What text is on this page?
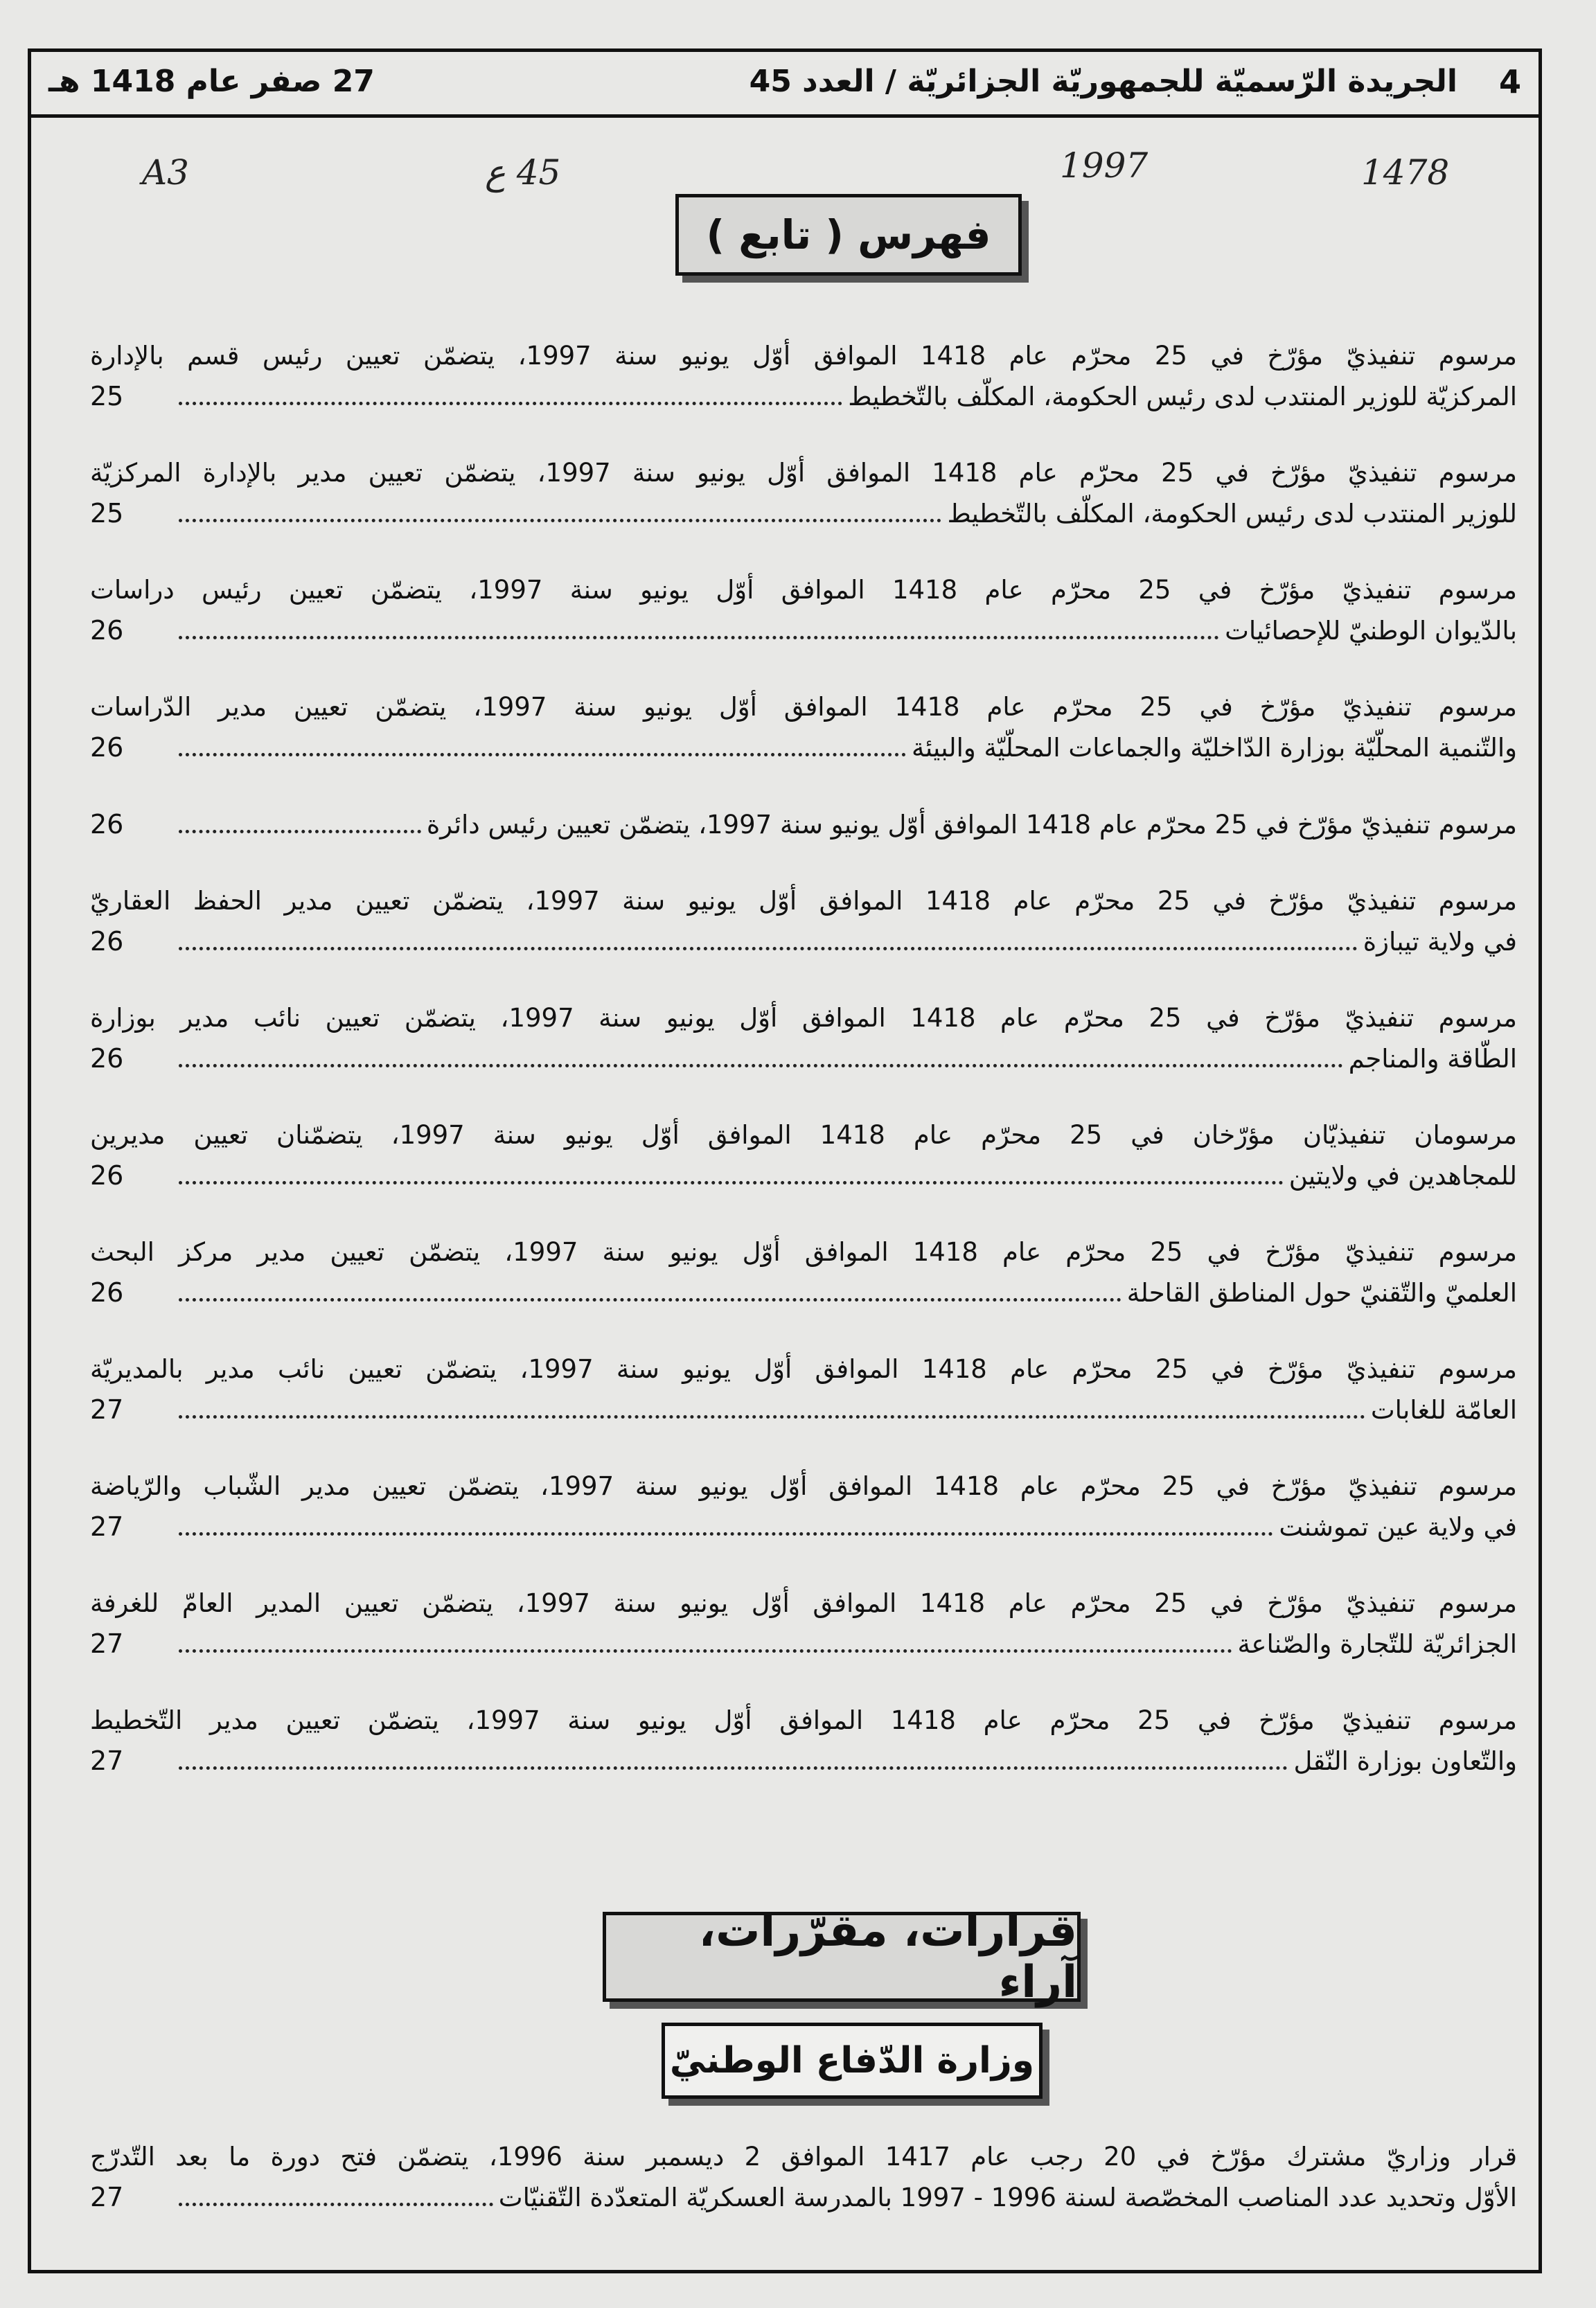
4
الجريدة الرّسميّة للجمهوريّة الجزائريّة / العدد 45
27 صفر عام 1418 هـ
A3	45 ع	1997	1478
فهرس ( تابع )
مرسوم تنفيذيّ مؤرّخ في 25 محرّم عام 1418 الموافق أوّل يونيو سنة 1997، يتضمّن تعيين رئيس قسم بالإدارة
المركزيّة للوزير المنتدب لدى رئيس الحكومة، المكلّف بالتّخطيط
25
مرسوم تنفيذيّ مؤرّخ في 25 محرّم عام 1418 الموافق أوّل يونيو سنة 1997، يتضمّن تعيين مدير بالإدارة المركزيّة
للوزير المنتدب لدى رئيس الحكومة، المكلّف بالتّخطيط
25
مرسوم تنفيذيّ مؤرّخ في 25 محرّم عام 1418 الموافق أوّل يونيو سنة 1997، يتضمّن تعيين رئيس دراسات
بالدّيوان الوطنيّ للإحصائيات
26
مرسوم تنفيذيّ مؤرّخ في 25 محرّم عام 1418 الموافق أوّل يونيو سنة 1997، يتضمّن تعيين مدير الدّراسات
والتّنمية المحلّيّة بوزارة الدّاخليّة والجماعات المحلّيّة والبيئة
26
مرسوم تنفيذيّ مؤرّخ في 25 محرّم عام 1418 الموافق أوّل يونيو سنة 1997، يتضمّن تعيين رئيس دائرة
26
مرسوم تنفيذيّ مؤرّخ في 25 محرّم عام 1418 الموافق أوّل يونيو سنة 1997، يتضمّن تعيين مدير الحفظ العقاريّ
في ولاية تيبازة
26
مرسوم تنفيذيّ مؤرّخ في 25 محرّم عام 1418 الموافق أوّل يونيو سنة 1997، يتضمّن تعيين نائب مدير بوزارة
الطّاقة والمناجم
26
مرسومان تنفيذيّان مؤرّخان في 25 محرّم عام 1418 الموافق أوّل يونيو سنة 1997، يتضمّنان تعيين مديرين
للمجاهدين في ولايتين
26
مرسوم تنفيذيّ مؤرّخ في 25 محرّم عام 1418 الموافق أوّل يونيو سنة 1997، يتضمّن تعيين مدير مركز البحث
العلميّ والتّقنيّ حول المناطق القاحلة
26
مرسوم تنفيذيّ مؤرّخ في 25 محرّم عام 1418 الموافق أوّل يونيو سنة 1997، يتضمّن تعيين نائب مدير بالمديريّة
العامّة للغابات
27
مرسوم تنفيذيّ مؤرّخ في 25 محرّم عام 1418 الموافق أوّل يونيو سنة 1997، يتضمّن تعيين مدير الشّباب والرّياضة
في ولاية عين تموشنت
27
مرسوم تنفيذيّ مؤرّخ في 25 محرّم عام 1418 الموافق أوّل يونيو سنة 1997، يتضمّن تعيين المدير العامّ للغرفة
الجزائريّة للتّجارة والصّناعة
27
مرسوم تنفيذيّ مؤرّخ في 25 محرّم عام 1418 الموافق أوّل يونيو سنة 1997، يتضمّن تعيين مدير التّخطيط
والتّعاون بوزارة النّقل
27
قرارات، مقرّرات، آراء
وزارة الدّفاع الوطنيّ
قرار وزاريّ مشترك مؤرّخ في 20 رجب عام 1417 الموافق 2 ديسمبر سنة 1996، يتضمّن فتح دورة ما بعد التّدرّج
الأوّل وتحديد عدد المناصب المخصّصة لسنة 1996 - 1997 بالمدرسة العسكريّة المتعدّدة التّقنيّات
27
